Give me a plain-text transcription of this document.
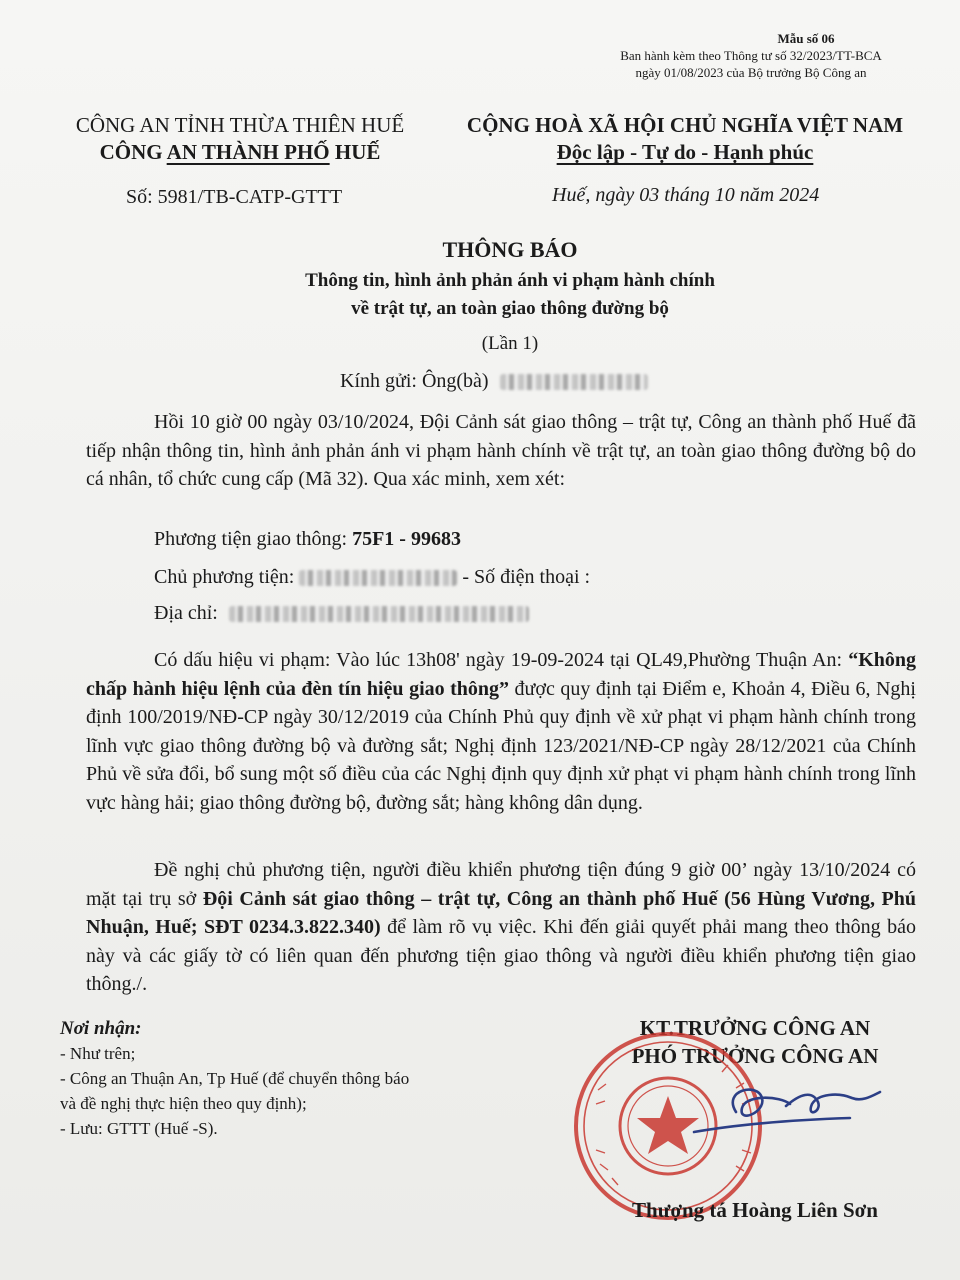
Mẫu số 06
Ban hành kèm theo Thông tư số 32/2023/TT-BCA
ngày 01/08/2023 của Bộ trưởng Bộ Công an
CÔNG AN TỈNH THỪA THIÊN HUẾ
CÔNG AN THÀNH PHỐ HUẾ
Số: 5981/TB-CATP-GTTT
CỘNG HOÀ XÃ HỘI CHỦ NGHĨA VIỆT NAM
Độc lập - Tự do - Hạnh phúc
Huế, ngày 03 tháng 10 năm 2024
THÔNG BÁO
Thông tin, hình ảnh phản ánh vi phạm hành chính
về trật tự, an toàn giao thông đường bộ
(Lần 1)
Kính gửi: Ông(bà)
Hồi 10 giờ 00 ngày 03/10/2024, Đội Cảnh sát giao thông – trật tự, Công an thành phố Huế đã tiếp nhận thông tin, hình ảnh phản ánh vi phạm hành chính về trật tự, an toàn giao thông đường bộ do cá nhân, tổ chức cung cấp (Mã 32). Qua xác minh, xem xét:
Phương tiện giao thông: 75F1 - 99683
Chủ phương tiện:	- Số điện thoại :
Địa chỉ:
Có dấu hiệu vi phạm: Vào lúc 13h08' ngày 19-09-2024 tại QL49,Phường Thuận An: “Không chấp hành hiệu lệnh của đèn tín hiệu giao thông” được quy định tại Điểm e, Khoản 4, Điều 6, Nghị định 100/2019/NĐ-CP ngày 30/12/2019 của Chính Phủ quy định về xử phạt vi phạm hành chính trong lĩnh vực giao thông đường bộ và đường sắt; Nghị định 123/2021/NĐ-CP ngày 28/12/2021 của Chính Phủ về sửa đổi, bổ sung một số điều của các Nghị định quy định xử phạt vi phạm hành chính trong lĩnh vực hàng hải; giao thông đường bộ, đường sắt; hàng không dân dụng.
Đề nghị chủ phương tiện, người điều khiển phương tiện đúng 9 giờ 00’ ngày 13/10/2024 có mặt tại trụ sở Đội Cảnh sát giao thông – trật tự, Công an thành phố Huế (56 Hùng Vương, Phú Nhuận, Huế; SĐT 0234.3.822.340) để làm rõ vụ việc. Khi đến giải quyết phải mang theo thông báo này và các giấy tờ có liên quan đến phương tiện giao thông và người điều khiển phương tiện giao thông./.
Nơi nhận:
- Như trên;
- Công an Thuận An, Tp Huế (để chuyển thông báo
và đề nghị thực hiện theo quy định);
- Lưu: GTTT (Huế -S).
KT.TRƯỞNG CÔNG AN
PHÓ TRƯỞNG CÔNG AN
Thượng tá Hoàng Liên Sơn
